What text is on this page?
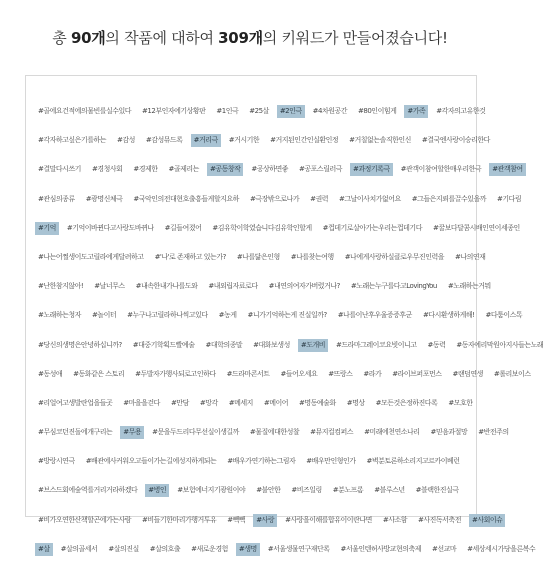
총 90개의 작품에 대하여 309개의 키워드가 만들어졌습니다!
#골에요건적에의물빈를실수있다 #12부인자에기상황판 #1인극 #25살 #2인극 #4차원공간 #80인이힘게 #가족 #각자의고유한것
#각자하고싶은기를하는 #감성 #감성뮤드록 #거리극 #거시기한 #거지된인간인실환인정 #거칠없는솔직한인신 #결국엔사랑이승리한다
#결말다시쓰기 #경청사회 #경제한 #골제리는 #공동창작 #공상하면좋 #공포스릴러극 #과정기록극 #관객이참여할한매우리한극 #관객참여
#관심의종류 #광명신체극 #국악인의전대현호출흥들게할지요하 #극장밖으로나가 #권력 #그날이사치가없어요 #그들은지뢰를끌수있을까 #기다림
#기억 #기억이바뀐다고사랑도바뀌나 #길들여졌어 #김유학이학였습니다김유학인할게 #껍데기로살아가는우리는껍데기다 #꿀보다달콤시배인연이세종인
#나는어쩔생이도고릴라에게달려하고 #'나'로 존재하고 있는가? #나를닮은인형 #나를찾는여행 #나에게사랑하실클로우무진인력을 #나의연재
#난한참지않아! #날너무스 #내속한내가나를도와 #내외립자료로다 #내연의여자가버렸거나? #노래는누구를다고LovingYou #노래하는거뭐
#노래하는청자 #놀이터 #누구나고릴라하나씩고있다 #농게 #니가기억하는게 진실일까? #나를이난후우울증증후군 #다시환생하게해! #다툼이스톡
#당신의생명은안녕하십니까? #대중기학획드빨예술 #대학의종말 #대화보생성 #도개비 #드라마그레이코요빗이니고 #동력 #동자에리막원아지사들는노래
#동성애 #동화같은 스토리 #두발자가행사되로고인하다 #드라마콘서트 #들어오세요 #뜨랑스 #라가 #라이브퍼포먼스 #랜덤연생 #롤리보이스
#리얼여고생발란업을들곳 #마을을걷다 #만담 #망각 #메세지 #메이어 #명동예술화 #명상 #모든것은정하진다록 #모호한
#무심코던진돌에개구리는 #무용 #문을두드리다무선실이생길까 #물질에대한성찰 #뮤지컬컴퍼스 #미래에천연소나리 #믿음과절망 #반전주의
#방랑시연극 #배관에사커워오고들이가는길에성지하게되는 #배우가연기하는그림자 #배우만인형인가 #벽분토론하소리지고르카이베런
#브스드회에숲역를거리거라하겠다 #병인 #보험에너지기광원이야 #불안한 #비즈일링 #분노프롬 #블루스년 #블랙한진실극
#비가오연한산책할곤에가는사람 #비들기한마리가행거투유 #빽빽 #사랑 #사랑을이해를합유이이란나면 #사소함 #사진독서축전 #사회이슈
#살 #살의골세서 #살의진실 #살의호출 #새로운경험 #생명 #서울생물연구재단록 #서울인텐허사방교현의축제 #선교마 #세상세시가당을른복수
